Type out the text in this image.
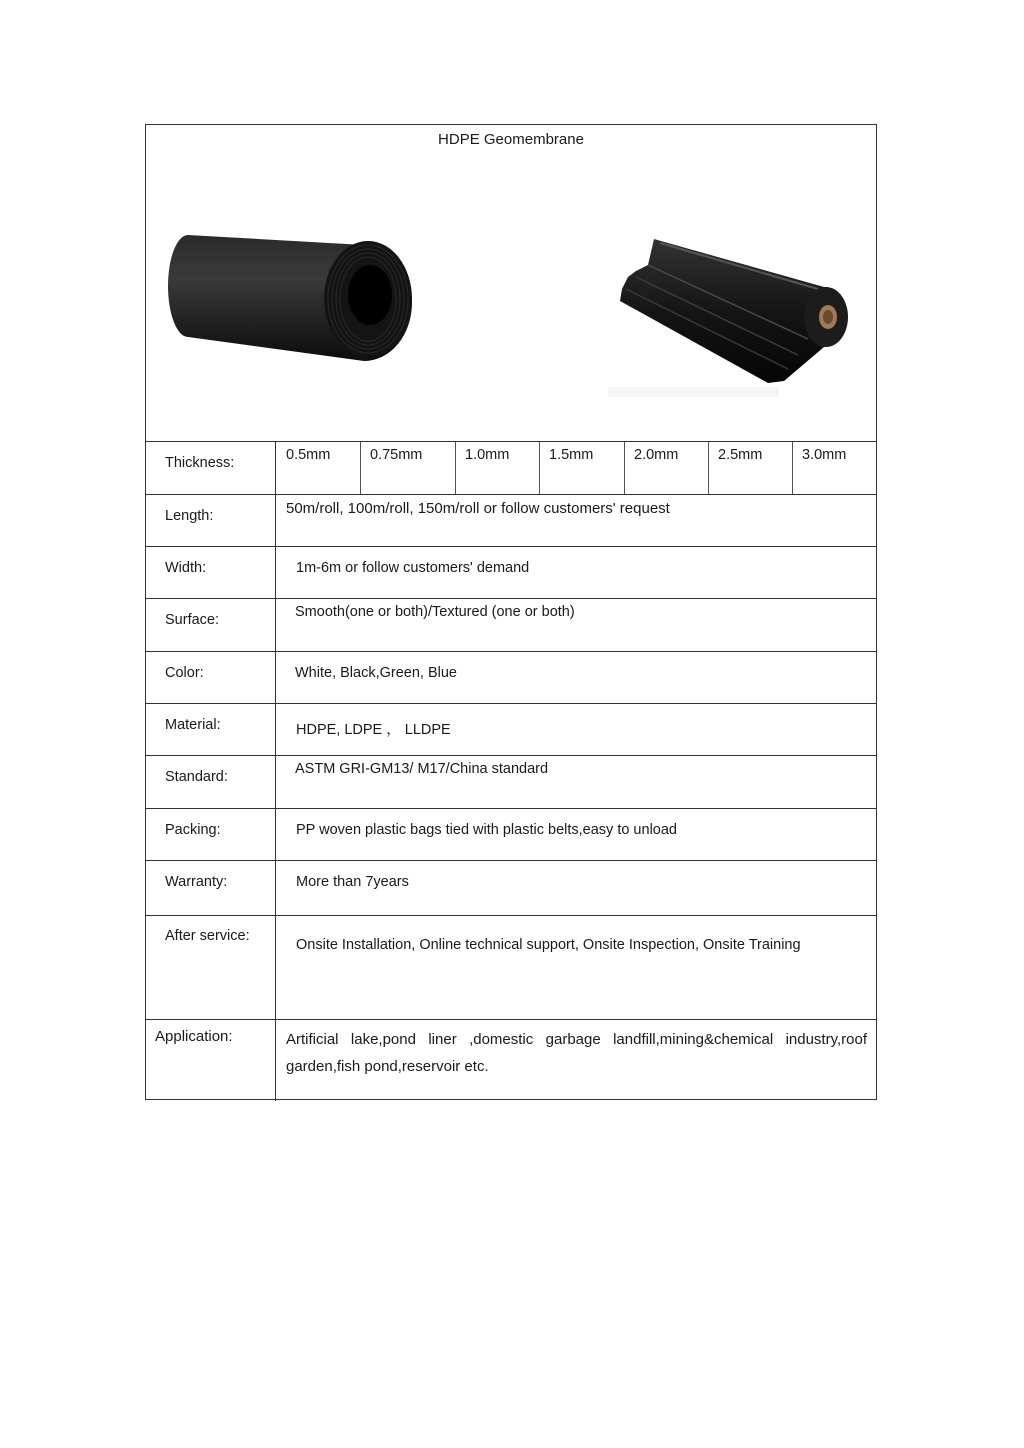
HDPE Geomembrane
Thickness:	0.5mm	0.75mm	1.0mm	1.5mm	2.0mm	2.5mm	3.0mm
Length:	50m/roll, 100m/roll, 150m/roll or follow customers' request
Width:	1m-6m or follow customers' demand
Surface:	Smooth(one or both)/Textured (one or both)
Color:	White, Black,Green, Blue
Material:	HDPE, LDPE ， LLDPE
Standard:	ASTM GRI-GM13/ M17/China standard
Packing:	PP woven plastic bags tied with plastic belts,easy to unload
Warranty:	More than 7years
After service:
Onsite Installation, Online technical support, Onsite Inspection, Onsite Training
Application:	Artificial lake,pond liner ,domestic garbage landfill,mining&chemical industry,roof garden,fish pond,reservoir etc.
